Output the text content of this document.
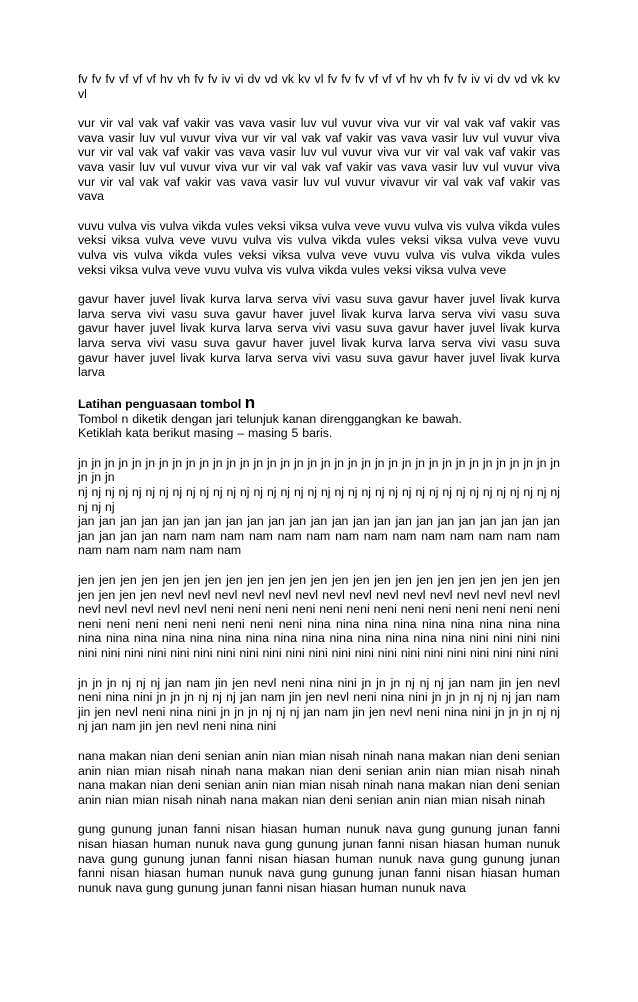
fv fv fv vf vf vf hv vh fv fv iv vi dv vd vk kv vl fv fv fv vf vf vf hv vh fv fv iv vi dv vd vk kv vl

vur vir val vak vaf vakir vas vava vasir luv vul vuvur viva vur vir val vak vaf vakir vas vava vasir luv vul vuvur viva vur vir val vak vaf vakir vas vava vasir luv vul vuvur viva vur vir val vak vaf vakir vas vava vasir luv vul vuvur viva vur vir val vak vaf vakir vas vava vasir luv vul vuvur viva vur vir val vak vaf vakir vas vava vasir luv vul vuvur viva vur vir val vak vaf vakir vas vava vasir luv vul vuvur vivavur vir val vak vaf vakir vas vava

vuvu vulva vis vulva vikda vules veksi viksa vulva veve vuvu vulva vis vulva vikda vules veksi viksa vulva veve vuvu vulva vis vulva vikda vules veksi viksa vulva veve vuvu vulva vis vulva vikda vules veksi viksa vulva veve vuvu vulva vis vulva vikda vules veksi viksa vulva veve vuvu vulva vis vulva vikda vules veksi viksa vulva veve

gavur haver juvel livak kurva larva serva vivi vasu suva gavur haver juvel livak kurva larva serva vivi vasu suva gavur haver juvel livak kurva larva serva vivi vasu suva gavur haver juvel livak kurva larva serva vivi vasu suva gavur haver juvel livak kurva larva serva vivi vasu suva gavur haver juvel livak kurva larva serva vivi vasu suva gavur haver juvel livak kurva larva serva vivi vasu suva gavur haver juvel livak kurva larva

Latihan penguasaan tombol n

Tombol n diketik dengan jari telunjuk kanan direnggangkan ke bawah.

Ketiklah kata berikut masing – masing 5 baris.

jn jn jn jn jn jn jn jn jn jn jn jn jn jn jn jn jn jn jn jn jn jn jn jn jn jn jn jn jn jn jn jn jn jn jn jn jn jn jn

nj nj nj nj nj nj nj nj nj nj nj nj nj nj nj nj nj nj nj nj nj nj nj nj nj nj nj nj nj nj nj nj nj nj nj nj nj nj nj

jan jan jan jan jan jan jan jan jan jan jan jan jan jan jan jan jan jan jan jan jan jan jan jan jan jan jan nam nam nam nam nam nam nam nam nam nam nam nam nam nam nam nam nam nam nam nam

jen jen jen jen jen jen jen jen jen jen jen jen jen jen jen jen jen jen jen jen jen jen jen jen jen jen jen nevl nevl nevl nevl nevl nevl nevl nevl nevl nevl nevl nevl nevl nevl nevl nevl nevl nevl nevl nevl neni neni neni neni neni neni neni neni neni neni neni neni neni neni neni neni neni neni neni neni neni nina nina nina nina nina nina nina nina nina nina nina nina nina nina nina nina nina nina nina nina nina nina nina nini nini nini nini nini nini nini nini nini nini nini nini nini nini nini nini nini nini nini nini nini nini nini nini nini

jn jn jn nj nj nj jan nam jin jen nevl neni nina nini jn jn jn nj nj nj jan nam jin jen nevl neni nina nini jn jn jn nj nj nj jan nam jin jen nevl neni nina nini jn jn jn nj nj nj jan nam jin jen nevl neni nina nini jn jn jn nj nj nj jan nam jin jen nevl neni nina nini jn jn jn nj nj nj jan nam jin jen nevl neni nina nini

nana makan nian deni senian anin nian mian nisah ninah nana makan nian deni senian anin nian mian nisah ninah nana makan nian deni senian anin nian mian nisah ninah nana makan nian deni senian anin nian mian nisah ninah nana makan nian deni senian anin nian mian nisah ninah nana makan nian deni senian anin nian mian nisah ninah

gung gunung junan fanni nisan hiasan human nunuk nava gung gunung junan fanni nisan hiasan human nunuk nava gung gunung junan fanni nisan hiasan human nunuk nava gung gunung junan fanni nisan hiasan human nunuk nava gung gunung junan fanni nisan hiasan human nunuk nava gung gunung junan fanni nisan hiasan human nunuk nava gung gunung junan fanni nisan hiasan human nunuk nava
